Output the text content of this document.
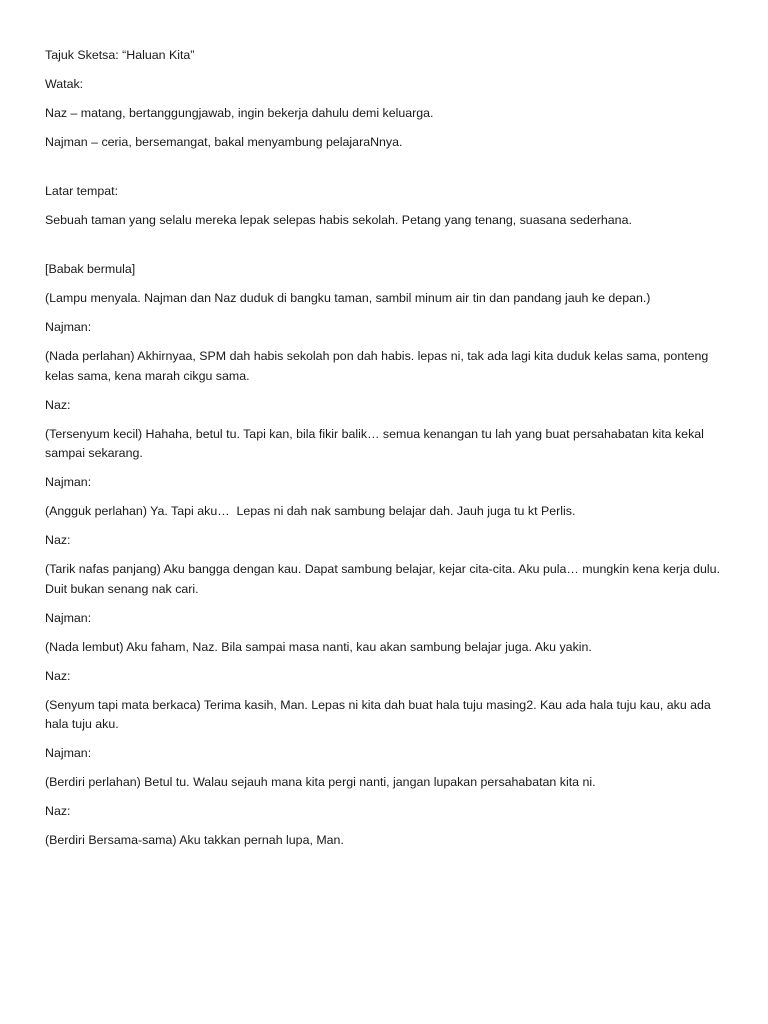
Tajuk Sketsa: “Haluan Kita”

Watak:

Naz – matang, bertanggungjawab, ingin bekerja dahulu demi keluarga.

Najman – ceria, bersemangat, bakal menyambung pelajaraNnya.

Latar tempat:

Sebuah taman yang selalu mereka lepak selepas habis sekolah. Petang yang tenang, suasana sederhana.

[Babak bermula]

(Lampu menyala. Najman dan Naz duduk di bangku taman, sambil minum air tin dan pandang jauh ke depan.)

Najman:

(Nada perlahan) Akhirnyaa, SPM dah habis sekolah pon dah habis. lepas ni, tak ada lagi kita duduk kelas sama, ponteng kelas sama, kena marah cikgu sama.

Naz:

(Tersenyum kecil) Hahaha, betul tu. Tapi kan, bila fikir balik… semua kenangan tu lah yang buat persahabatan kita kekal sampai sekarang.

Najman:

(Angguk perlahan) Ya. Tapi aku…  Lepas ni dah nak sambung belajar dah. Jauh juga tu kt Perlis.

Naz:

(Tarik nafas panjang) Aku bangga dengan kau. Dapat sambung belajar, kejar cita-cita. Aku pula… mungkin kena kerja dulu. Duit bukan senang nak cari.

Najman:

(Nada lembut) Aku faham, Naz. Bila sampai masa nanti, kau akan sambung belajar juga. Aku yakin.

Naz:

(Senyum tapi mata berkaca) Terima kasih, Man. Lepas ni kita dah buat hala tuju masing2. Kau ada hala tuju kau, aku ada hala tuju aku.

Najman:

(Berdiri perlahan) Betul tu. Walau sejauh mana kita pergi nanti, jangan lupakan persahabatan kita ni.

Naz:

(Berdiri Bersama-sama) Aku takkan pernah lupa, Man.
